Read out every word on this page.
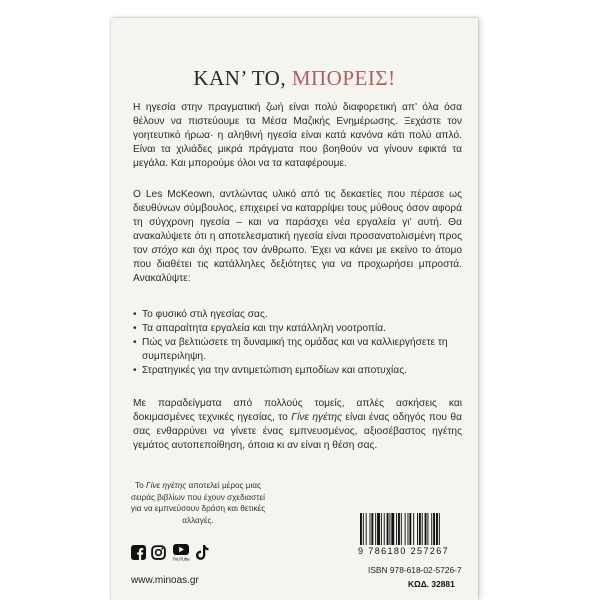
ΚΑΝ’ ΤΟ, ΜΠΟΡΕΙΣ!
Η ηγεσία στην πραγματική ζωή είναι πολύ διαφορετική απ’ όλα όσα θέλουν να πιστεύουμε τα Μέσα Μαζικής Ενημέρωσης. Ξεχάστε τον γοητευτικό ήρωα· η αληθινή ηγεσία είναι κατά κανόνα κάτι πολύ απλό. Είναι τα χιλιάδες μικρά πράγματα που βοηθούν να γίνουν εφικτά τα μεγάλα. Και μπορούμε όλοι να τα καταφέρουμε.
Ο Les McKeown, αντλώντας υλικό από τις δεκαετίες που πέρασε ως διευθύνων σύμβουλος, επιχειρεί να καταρρίψει τους μύθους όσον αφορά τη σύγχρονη ηγεσία – και να παράσχει νέα εργαλεία γι’ αυτή. Θα ανακαλύψετε ότι η αποτελεσματική ηγεσία είναι προσανατολισμένη προς τον στόχο και όχι προς τον άνθρωπο. Έχει να κάνει με εκείνο το άτομο που διαθέτει τις κατάλληλες δεξιότητες για να προχωρήσει μπροστά. Ανακαλύψτε:
• Το φυσικό στιλ ηγεσίας σας.
• Τα απαραίτητα εργαλεία και την κατάλληλη νοοτροπία.
• Πώς να βελτιώσετε τη δυναμική της ομάδας και να καλλιεργήσετε τη συμπεριληψη.
• Στρατηγικές για την αντιμετώπιση εμποδίων και αποτυχίας.
Με παραδείγματα από πολλούς τομείς, απλές ασκήσεις και δοκιμασμένες τεχνικές ηγεσίας, το Γίνε ηγέτης είναι ένας οδηγός που θα σας ενθαρρύνει να γίνετε ένας εμπνευσμένος, αξιοσέβαστος ηγέτης γεμάτος αυτοπεποίθηση, όποια κι αν είναι η θέση σας.
Το Γίνε ηγέτης αποτελεί μέρος μιας σειράς βιβλίων που έχουν σχεδιαστεί για να εμπνεύσουν δράση και θετικές αλλαγές.
YouTube
www.minoas.gr
9 786180 257267
ISBN 978-618-02-5726-7
ΚΩΔ. 32881
